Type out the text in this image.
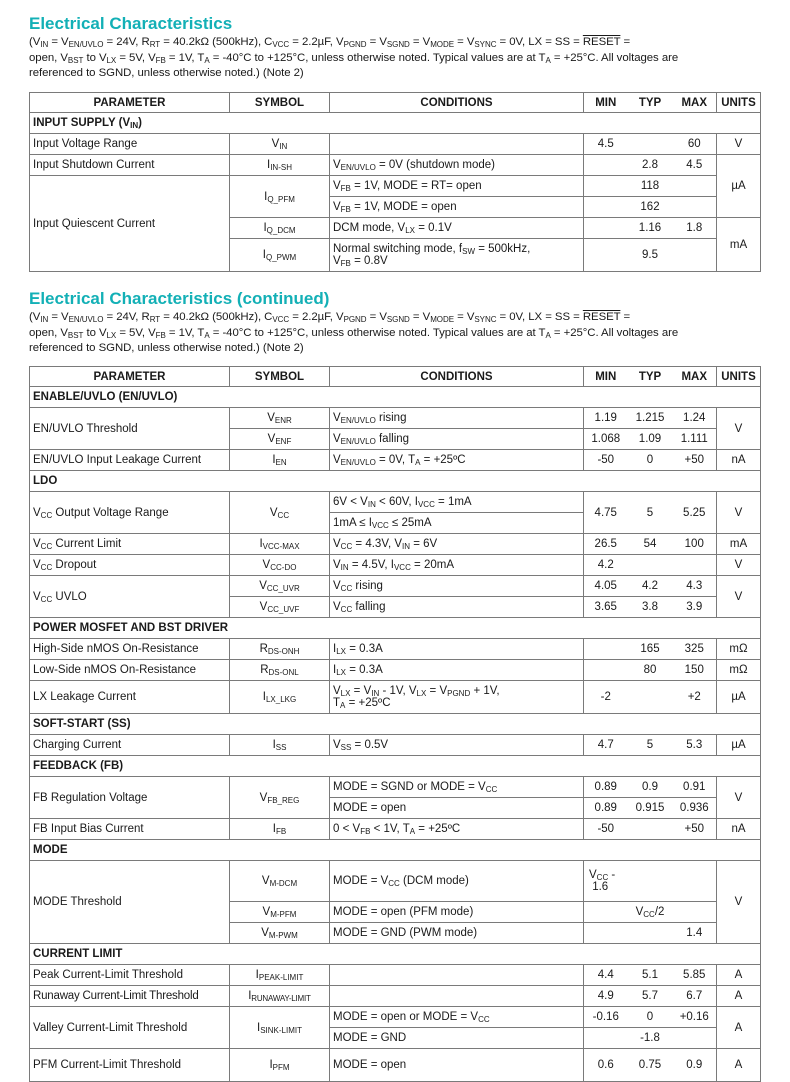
Electrical Characteristics

($V_{IN} = V_{EN/UVLO} = 24V$, $R_{RT} = 40.2k\Omega$ (500kHz), $C_{VCC} = 2.2\mu F$, $V_{PGND} = V_{SGND} = V_{MODE} = V_{SYNC} = 0V$, LX = SS = RESET =
open, $V_{BST}$ to $V_{LX} = 5V$, $V_{FB} = 1V$, $T_A = -40^\circ C$ to +125°C, unless otherwise noted. Typical values are at $T_A = +25^\circ C$. All voltages are
referenced to SGND, unless otherwise noted.) (Note 2)

PARAMETER	SYMBOL	CONDITIONS	MIN	TYP	MAX	UNITS
INPUT SUPPLY $(V_{IN})$						
Input Voltage Range	$V_{IN}$		4.5		60	V
Input Shutdown Current	$I_{IN-SH}$	$V_{EN/UVLO} = 0V$ (shutdown mode)		2.8	4.5	µA
Input Quiescent Current	$I_{Q\_PFM}$	$V_{FB} = 1V$, MODE = RT= open		118		
		$V_{FB} = 1V$, MODE = open		162		
	$I_{Q\_DCM}$	DCM mode, $V_{LX} = 0.1V$		1.16	1.8	mA
	$I_{Q\_PWM}$	Normal switching mode, $f_{SW} = 500kHz$,
$V_{FB} = 0.8V$		9.5		
Electrical Characteristics (continued)

($V_{IN} = V_{EN/UVLO} = 24V$, $R_{RT} = 40.2k\Omega$ (500kHz), $C_{VCC} = 2.2\mu F$, $V_{PGND} = V_{SGND} = V_{MODE} = V_{SYNC} = 0V$, LX = SS = RESET =
open, $V_{BST}$ to $V_{LX} = 5V$, $V_{FB} = 1V$, $T_A = -40^\circ C$ to +125°C, unless otherwise noted. Typical values are at $T_A = +25^\circ C$. All voltages are
referenced to SGND, unless otherwise noted.) (Note 2)

PARAMETER	SYMBOL	CONDITIONS	MIN	TYP	MAX	UNITS
ENABLE/UVLO (EN/UVLO)						
EN/UVLO Threshold	$V_{ENR}$	$V_{EN/UVLO}$ rising	1.19	1.215	1.24	V
	$V_{ENF}$	$V_{EN/UVLO}$ falling	1.068	1.09	1.111	
EN/UVLO Input Leakage Current	$I_{EN}$	$V_{EN/UVLO} = 0V$, $T_A$ = +25ºC	-50	0	+50	nA
LDO						
$V_{CC}$ Output Voltage Range	$V_{CC}$	$6V < V_{IN} < 60V$, $I_{VCC} = 1mA$	4.75	5	5.25	V
		$1mA \le I_{VCC} \le 25mA$				
$V_{CC}$ Current Limit	$I_{VCC-MAX}$	$V_{CC} = 4.3V$, $V_{IN} = 6V$	26.5	54	100	mA
$V_{CC}$ Dropout	$V_{CC-DO}$	$V_{IN} = 4.5V$, $I_{VCC} = 20mA$	4.2			V
$V_{CC}$ UVLO	$V_{CC\_UVR}$	$V_{CC}$ rising	4.05	4.2	4.3	V
	$V_{CC\_UVF}$	$V_{CC}$ falling	3.65	3.8	3.9	
POWER MOSFET AND BST DRIVER						
High-Side nMOS On-Resistance	$R_{DS-ONH}$	$I_{LX} = 0.3A$		165	325	mΩ
Low-Side nMOS On-Resistance	$R_{DS-ONL}$	$I_{LX} = 0.3A$		80	150	mΩ
LX Leakage Current	$I_{LX\_LKG}$	$V_{LX} = V_{IN} - 1V$, $V_{LX} = V_{PGND} + 1V$,
$T_A$ = +25ºC	-2		+2	µA
SOFT-START (SS)						
Charging Current	$I_{SS}$	$V_{SS} = 0.5V$	4.7	5	5.3	µA
FEEDBACK (FB)						
FB Regulation Voltage	$V_{FB\_REG}$	MODE = SGND or MODE = $V_{CC}$	0.89	0.9	0.91	V
		MODE = open	0.89	0.915	0.936	
FB Input Bias Current	$I_{FB}$	$0 < V_{FB} < 1V$, $T_A$ = +25ºC	-50		+50	nA
MODE						
MODE Threshold	$V_{M-DCM}$	MODE = $V_{CC}$ (DCM mode)	$V_{CC}$ -
1.6			V
	$V_{M-PFM}$	MODE = open (PFM mode)	$V_{CC}/2$			
	$V_{M-PWM}$	MODE = GND (PWM mode)			1.4	
CURRENT LIMIT						
Peak Current-Limit Threshold	$I_{PEAK-LIMIT}$		4.4	5.1	5.85	A
Runaway Current-Limit Threshold	$I_{RUNAWAY-LIMIT}$		4.9	5.7	6.7	A
Valley Current-Limit Threshold	$I_{SINK-LIMIT}$	MODE = open or MODE = $V_{CC}$	-0.16	0	+0.16	A
		MODE = GND		-1.8		
PFM Current-Limit Threshold	$I_{PFM}$	MODE = open	0.6	0.75	0.9	A
